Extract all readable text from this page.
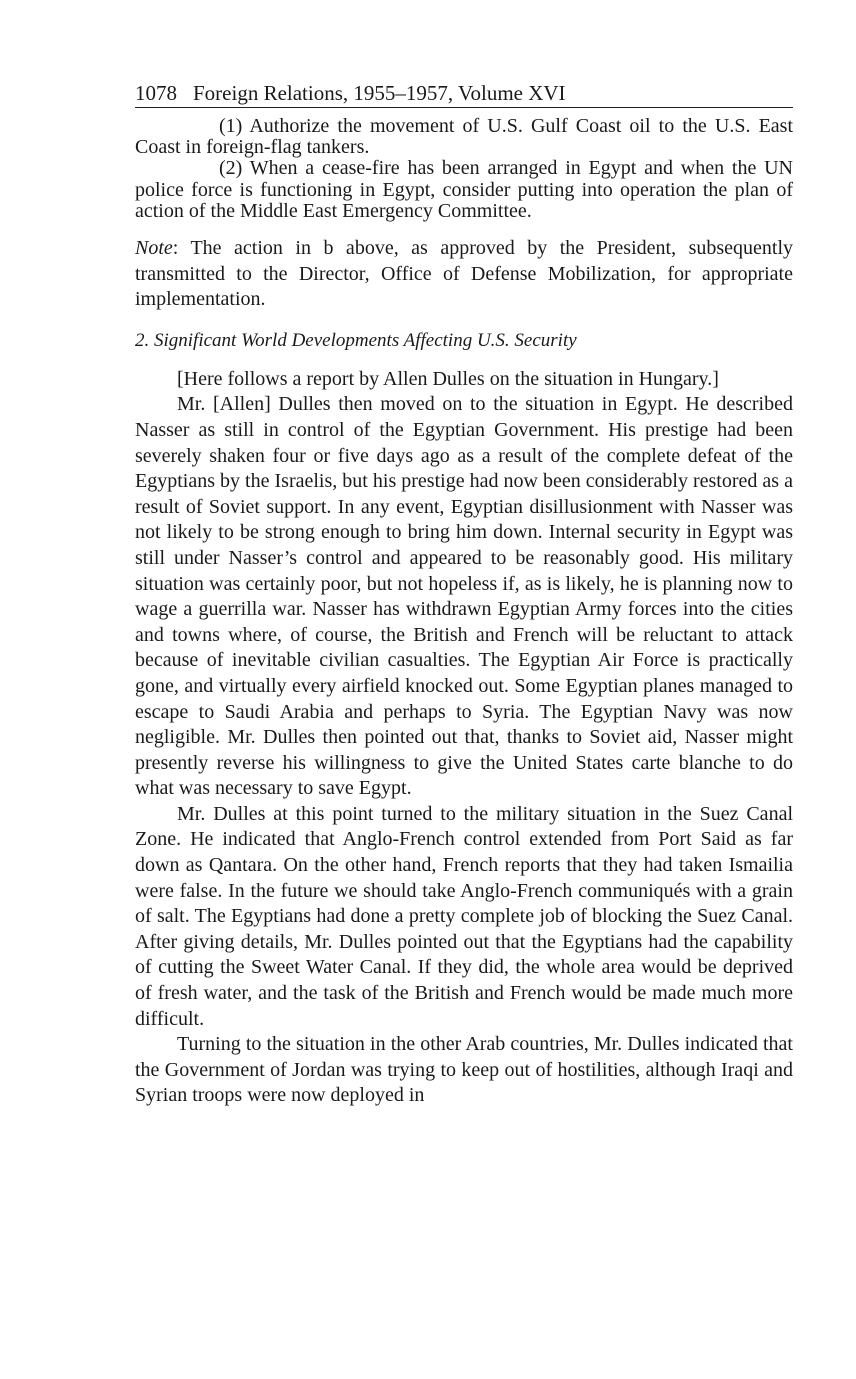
1078 Foreign Relations, 1955–1957, Volume XVI

(1) Authorize the movement of U.S. Gulf Coast oil to the U.S. East Coast in foreign-flag tankers.

(2) When a cease-fire has been arranged in Egypt and when the UN police force is functioning in Egypt, consider putting into operation the plan of action of the Middle East Emergency Committee.

Note: The action in b above, as approved by the President, subsequently transmitted to the Director, Office of Defense Mobilization, for appropriate implementation.

2. Significant World Developments Affecting U.S. Security

[Here follows a report by Allen Dulles on the situation in Hungary.]

Mr. [Allen] Dulles then moved on to the situation in Egypt. He described Nasser as still in control of the Egyptian Government. His prestige had been severely shaken four or five days ago as a result of the complete defeat of the Egyptians by the Israelis, but his prestige had now been considerably restored as a result of Soviet support. In any event, Egyptian disillusionment with Nasser was not likely to be strong enough to bring him down. Internal security in Egypt was still under Nasser’s control and appeared to be reasonably good. His military situation was certainly poor, but not hopeless if, as is likely, he is planning now to wage a guerrilla war. Nasser has withdrawn Egyptian Army forces into the cities and towns where, of course, the British and French will be reluctant to attack because of inevitable civilian casualties. The Egyptian Air Force is practically gone, and virtually every airfield knocked out. Some Egyptian planes managed to escape to Saudi Arabia and perhaps to Syria. The Egyptian Navy was now negligible. Mr. Dulles then pointed out that, thanks to Soviet aid, Nasser might presently reverse his willingness to give the United States carte blanche to do what was necessary to save Egypt.

Mr. Dulles at this point turned to the military situation in the Suez Canal Zone. He indicated that Anglo-French control extended from Port Said as far down as Qantara. On the other hand, French reports that they had taken Ismailia were false. In the future we should take Anglo-French communiqués with a grain of salt. The Egyptians had done a pretty complete job of blocking the Suez Canal. After giving details, Mr. Dulles pointed out that the Egyptians had the capability of cutting the Sweet Water Canal. If they did, the whole area would be deprived of fresh water, and the task of the British and French would be made much more difficult.

Turning to the situation in the other Arab countries, Mr. Dulles indicated that the Government of Jordan was trying to keep out of hostilities, although Iraqi and Syrian troops were now deployed in
